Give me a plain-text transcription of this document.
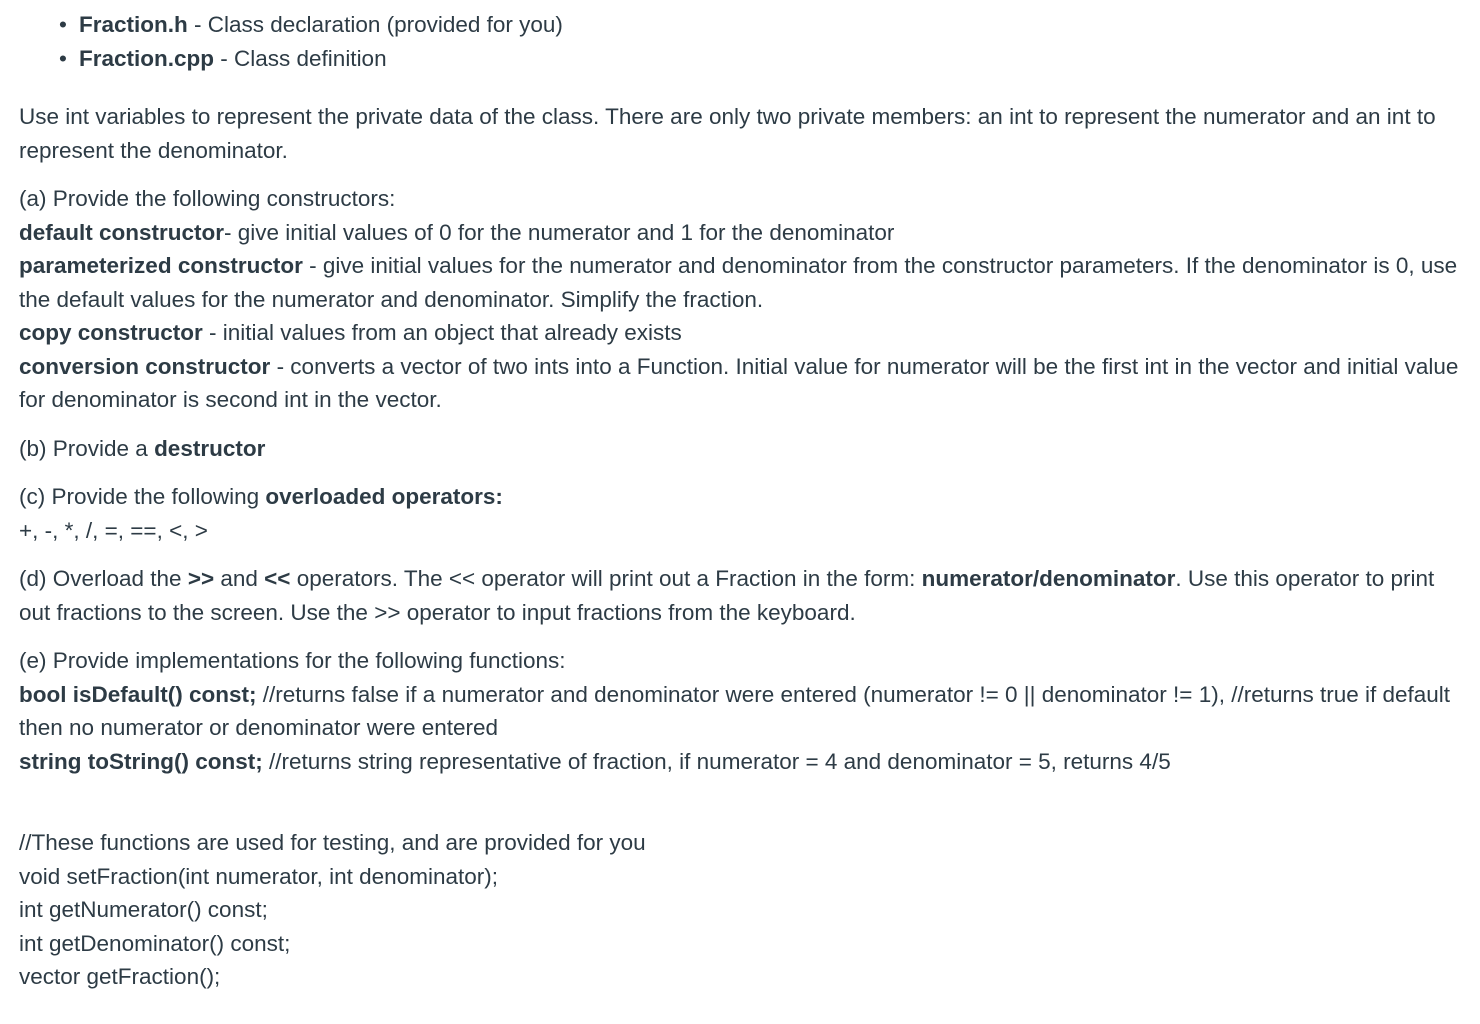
• Fraction.h - Class declaration (provided for you)
• Fraction.cpp - Class definition

Use int variables to represent the private data of the class. There are only two private members: an int to represent the numerator and an int to represent the denominator.

(a) Provide the following constructors:
default constructor- give initial values of 0 for the numerator and 1 for the denominator
parameterized constructor - give initial values for the numerator and denominator from the constructor parameters. If the denominator is 0, use the default values for the numerator and denominator. Simplify the fraction.
copy constructor - initial values from an object that already exists
conversion constructor - converts a vector of two ints into a Function. Initial value for numerator will be the first int in the vector and initial value for denominator is second int in the vector.

(b) Provide a destructor

(c) Provide the following overloaded operators:
+, -, *, /, =, ==, <, >

(d) Overload the >> and << operators. The << operator will print out a Fraction in the form: numerator/denominator. Use this operator to print out fractions to the screen. Use the >> operator to input fractions from the keyboard.

(e) Provide implementations for the following functions:
bool isDefault() const; //returns false if a numerator and denominator were entered (numerator != 0 || denominator != 1), //returns true if default then no numerator or denominator were entered
string toString() const; //returns string representative of fraction, if numerator = 4 and denominator = 5, returns 4/5

//These functions are used for testing, and are provided for you
void setFraction(int numerator, int denominator);
int getNumerator() const;
int getDenominator() const;
vector getFraction();
